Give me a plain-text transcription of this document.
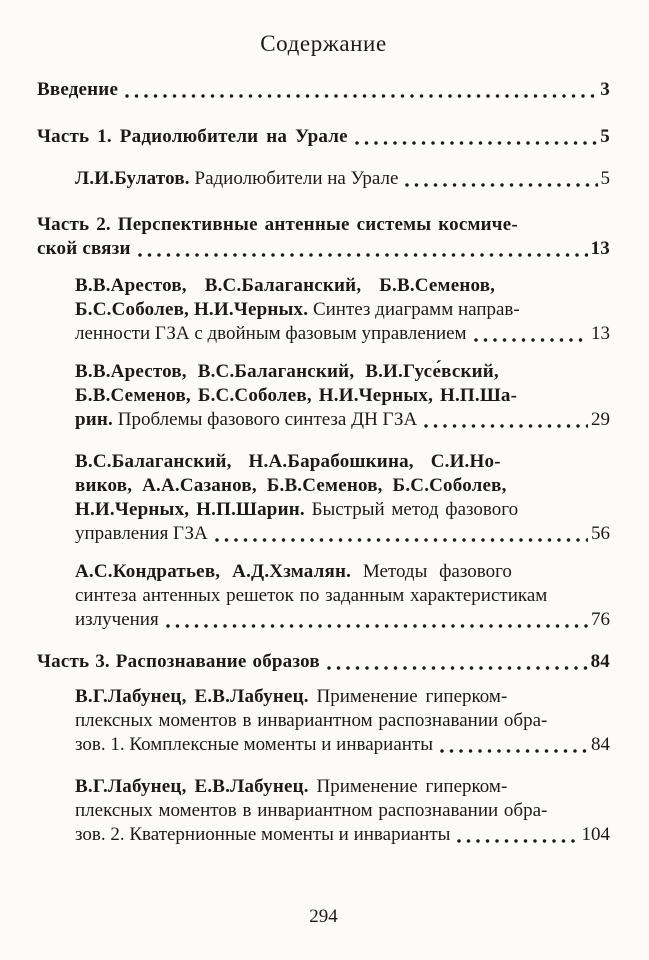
Содержание
Введение	3
Часть 1. Радиолюбители на Урале	5
Л.И.Булатов. Радиолюбители на Урале	5
Часть 2. Перспективные антенные системы космиче-
ской связи	13
В.В.Арестов, В.С.Балаганский, Б.В.Семенов,
Б.С.Соболев, Н.И.Черных. Синтез диаграмм направ-
ленности ГЗА с двойным фазовым управлением	13
В.В.Арестов, В.С.Балаганский, В.И.Гусе́вский,
Б.В.Семенов, Б.С.Соболев, Н.И.Черных, Н.П.Ша-
рин. Проблемы фазового синтеза ДН ГЗА	29
В.С.Балаганский, Н.А.Барабошкина, С.И.Но-
виков, А.А.Сазанов, Б.В.Семенов, Б.С.Соболев,
Н.И.Черных, Н.П.Шарин. Быстрый метод фазового
управления ГЗА	56
А.С.Кондратьев, А.Д.Хзмалян. Методы фазового
синтеза антенных решеток по заданным характеристикам
излучения	76
Часть 3. Распознавание образов	84
В.Г.Лабунец, Е.В.Лабунец. Применение гиперком-
плексных моментов в инвариантном распознавании обра-
зов. 1. Комплексные моменты и инварианты	84
В.Г.Лабунец, Е.В.Лабунец. Применение гиперком-
плексных моментов в инвариантном распознавании обра-
зов. 2. Кватернионные моменты и инварианты	104
294
